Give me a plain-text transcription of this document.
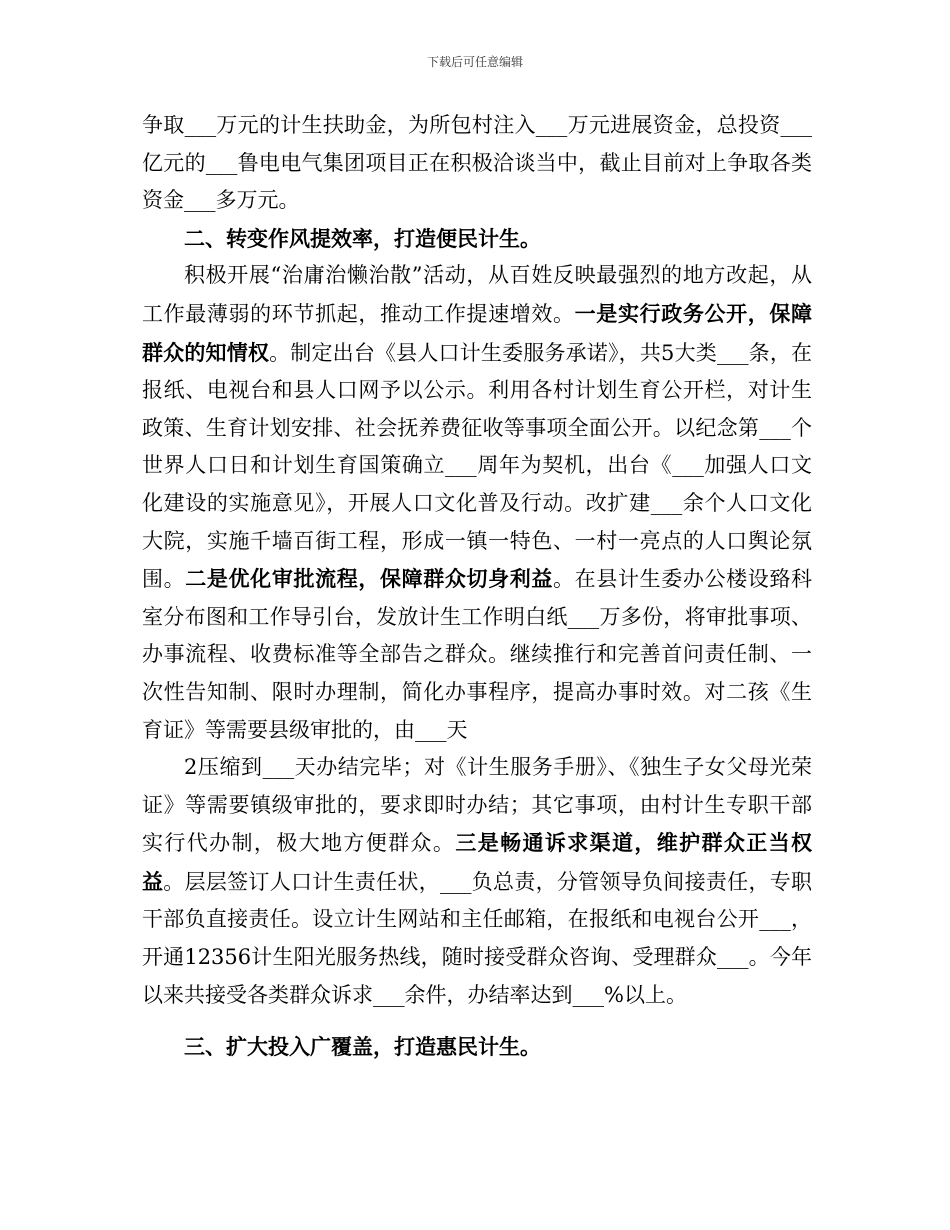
下载后可任意编辑

争取___万元的计生扶助金，为所包村注入___万元进展资金，总投资___亿元的___鲁电电气集团项目正在积极洽谈当中，截止目前对上争取各类资金___多万元。

二、转变作风提效率，打造便民计生。

积极开展“治庸治懒治散”活动，从百姓反映最强烈的地方改起，从工作最薄弱的环节抓起，推动工作提速增效。一是实行政务公开，保障群众的知情权。制定出台《县人口计生委服务承诺》，共5大类___条，在报纸、电视台和县人口网予以公示。利用各村计划生育公开栏，对计生政策、生育计划安排、社会抚养费征收等事项全面公开。以纪念第___个世界人口日和计划生育国策确立___周年为契机，出台《___加强人口文化建设的实施意见》，开展人口文化普及行动。改扩建___余个人口文化大院，实施千墙百街工程，形成一镇一特色、一村一亮点的人口舆论氛围。二是优化审批流程，保障群众切身利益。在县计生委办公楼设臵科室分布图和工作导引台，发放计生工作明白纸___万多份，将审批事项、办事流程、收费标准等全部告之群众。继续推行和完善首问责任制、一次性告知制、限时办理制，简化办事程序，提高办事时效。对二孩《生育证》等需要县级审批的，由___天

2压缩到___天办结完毕；对《计生服务手册》、《独生子女父母光荣证》等需要镇级审批的，要求即时办结；其它事项，由村计生专职干部实行代办制，极大地方便群众。三是畅通诉求渠道，维护群众正当权益。层层签订人口计生责任状，___负总责，分管领导负间接责任，专职干部负直接责任。设立计生网站和主任邮箱，在报纸和电视台公开___，开通12356计生阳光服务热线，随时接受群众咨询、受理群众___。今年以来共接受各类群众诉求___余件，办结率达到___%以上。

三、扩大投入广覆盖，打造惠民计生。
